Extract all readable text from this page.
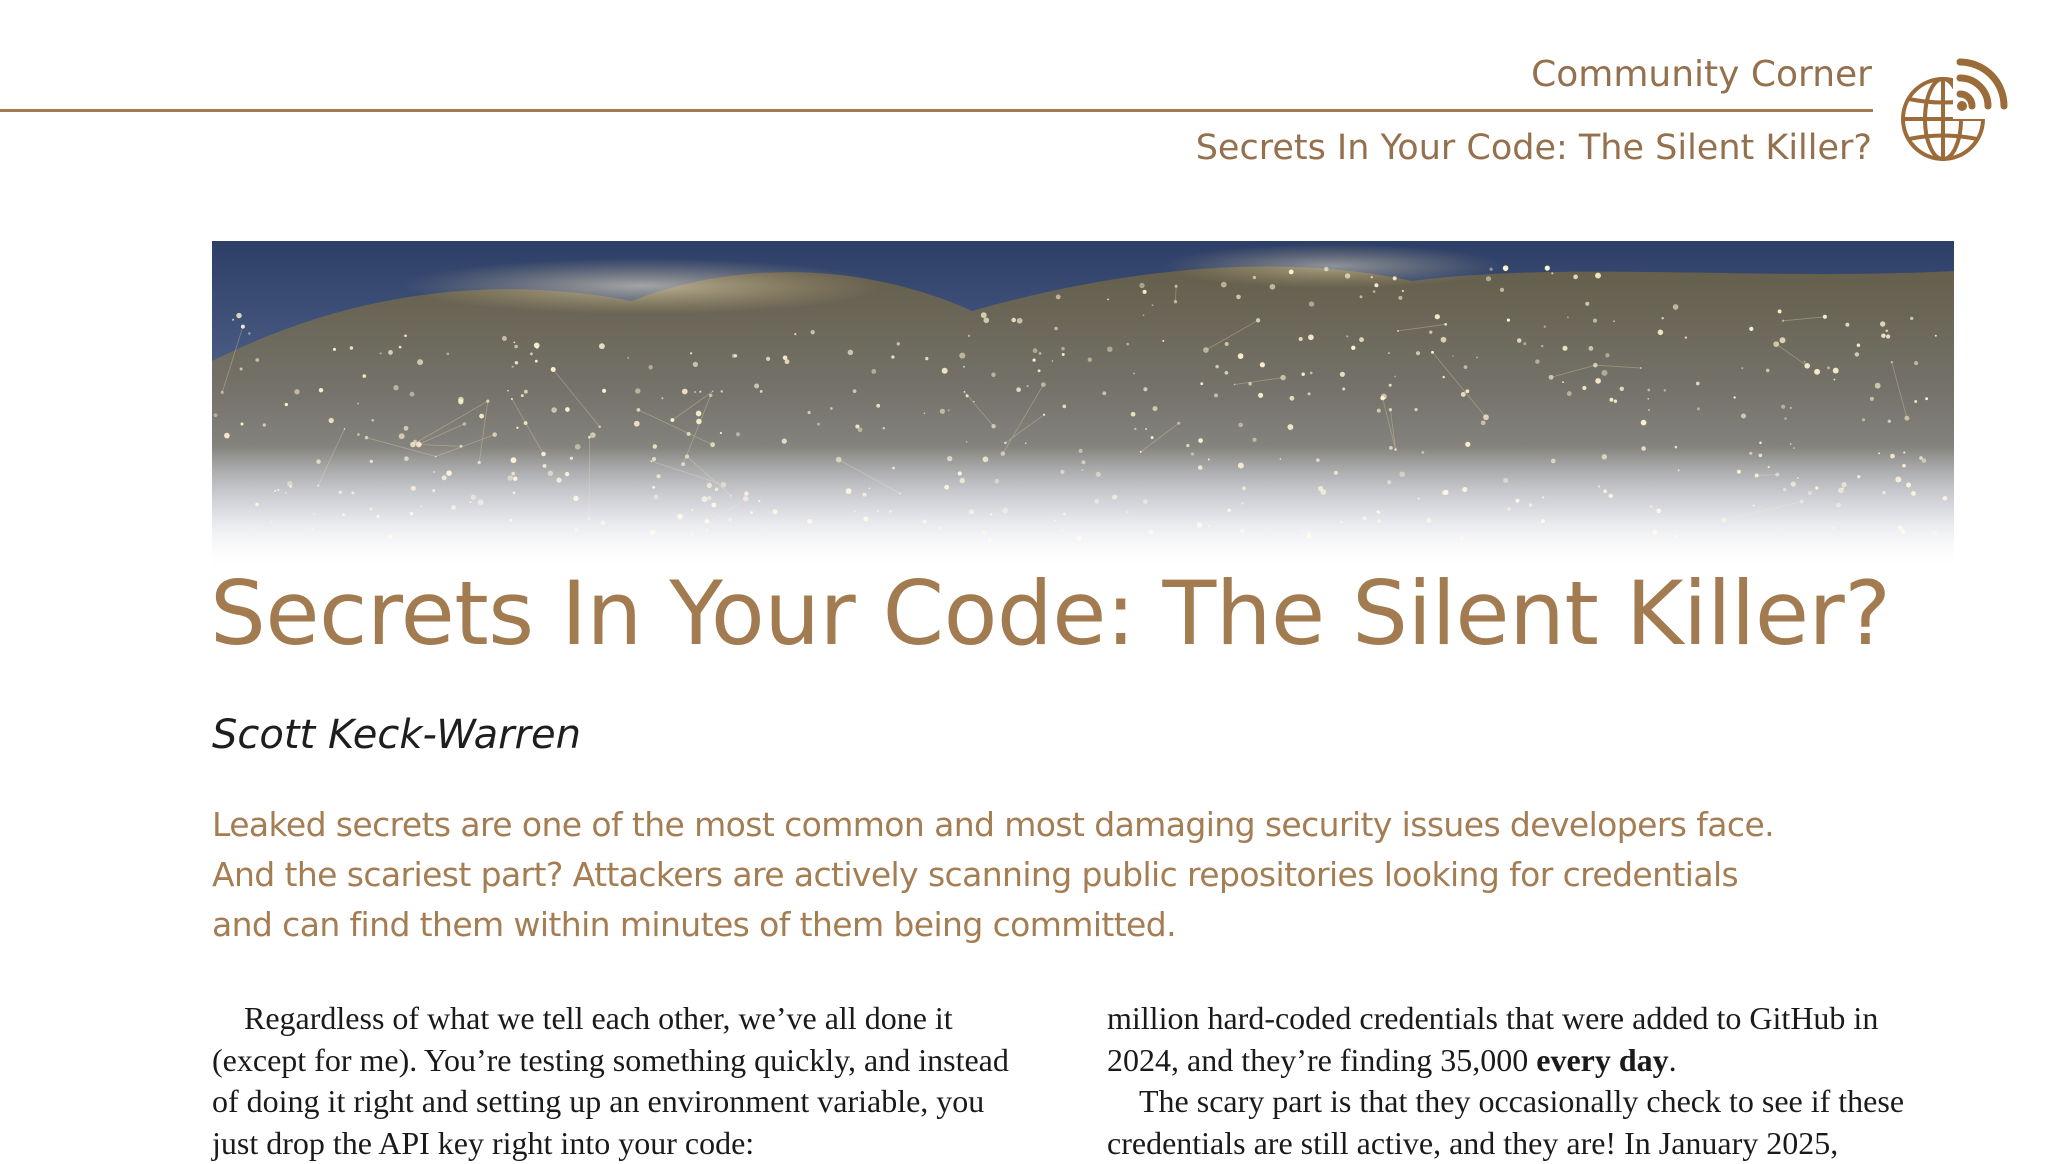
Community Corner
Secrets In Your Code: The Silent Killer?
Secrets In Your Code: The Silent Killer?
Scott Keck-Warren
Leaked secrets are one of the most common and most damaging security issues developers face.
And the scariest part? Attackers are actively scanning public repositories looking for credentials
and can find them within minutes of them being committed.
Regardless of what we tell each other, we’ve all done it
(except for me). You’re testing something quickly, and instead
of doing it right and setting up an environment variable, you
just drop the API key right into your code:
million hard-coded credentials that were added to GitHub in
2024, and they’re finding 35,000 every day.
The scary part is that they occasionally check to see if these
credentials are still active, and they are! In January 2025,
